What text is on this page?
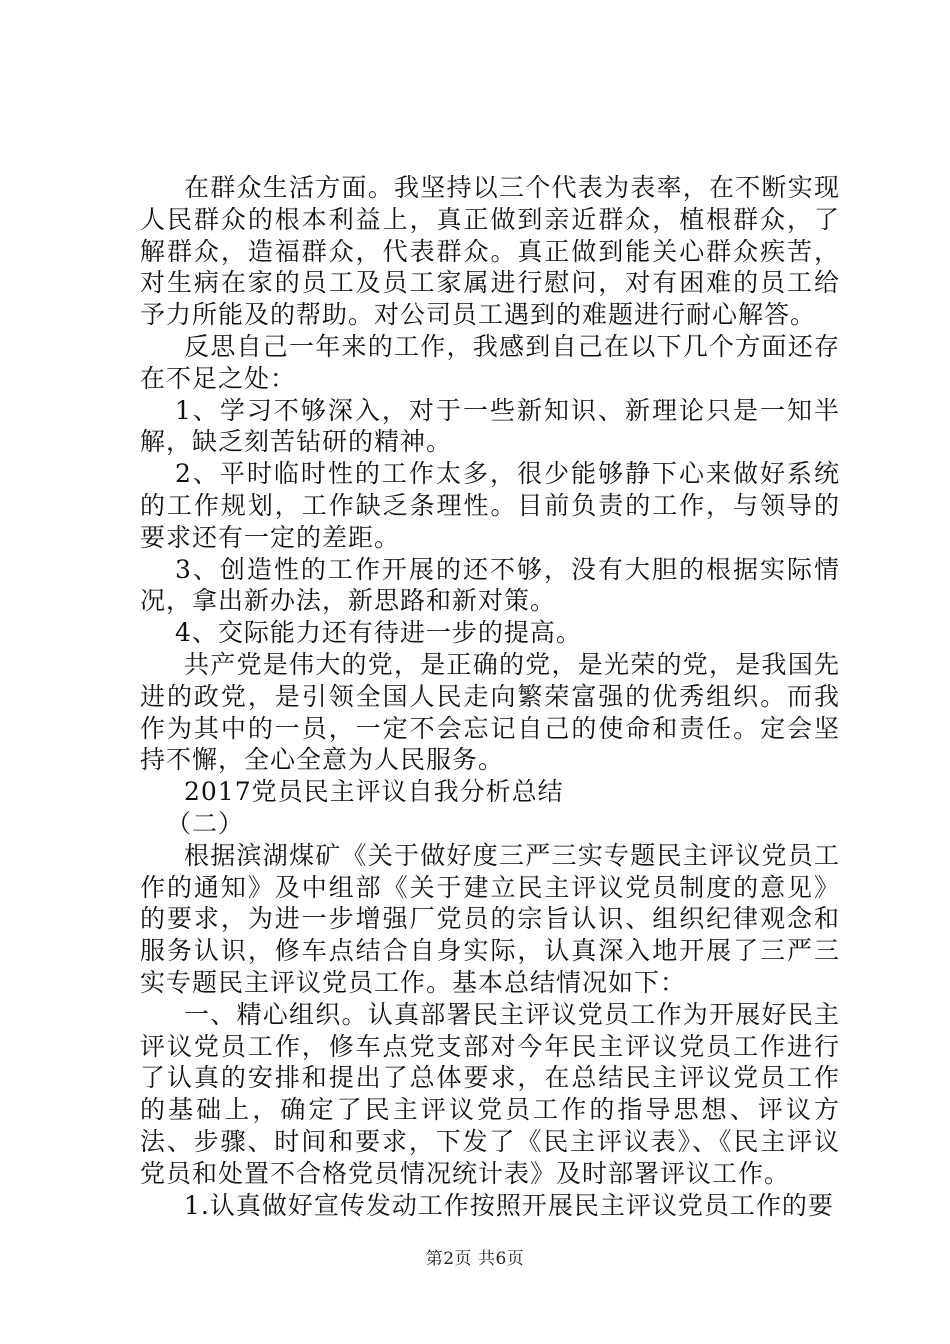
在群众生活方面。我坚持以三个代表为表率，在不断实现人民群众的根本利益上，真正做到亲近群众，植根群众，了解群众，造福群众，代表群众。真正做到能关心群众疾苦，对生病在家的员工及员工家属进行慰问，对有困难的员工给予力所能及的帮助。对公司员工遇到的难题进行耐心解答。

反思自己一年来的工作，我感到自己在以下几个方面还存在不足之处：

1、学习不够深入，对于一些新知识、新理论只是一知半解，缺乏刻苦钻研的精神。

2、平时临时性的工作太多，很少能够静下心来做好系统的工作规划，工作缺乏条理性。目前负责的工作，与领导的要求还有一定的差距。

3、创造性的工作开展的还不够，没有大胆的根据实际情况，拿出新办法，新思路和新对策。

4、交际能力还有待进一步的提高。

共产党是伟大的党，是正确的党，是光荣的党，是我国先进的政党，是引领全国人民走向繁荣富强的优秀组织。而我作为其中的一员，一定不会忘记自己的使命和责任。定会坚持不懈，全心全意为人民服务。

2017党员民主评议自我分析总结

（二）

根据滨湖煤矿《关于做好度三严三实专题民主评议党员工作的通知》及中组部《关于建立民主评议党员制度的意见》的要求，为进一步增强厂党员的宗旨认识、组织纪律观念和服务认识，修车点结合自身实际，认真深入地开展了三严三实专题民主评议党员工作。基本总结情况如下：

一、精心组织。认真部署民主评议党员工作为开展好民主评议党员工作，修车点党支部对今年民主评议党员工作进行了认真的安排和提出了总体要求，在总结民主评议党员工作的基础上，确定了民主评议党员工作的指导思想、评议方法、步骤、时间和要求，下发了《民主评议表》、《民主评议党员和处置不合格党员情况统计表》及时部署评议工作。

1.认真做好宣传发动工作按照开展民主评议党员工作的要

第2页 共6页
